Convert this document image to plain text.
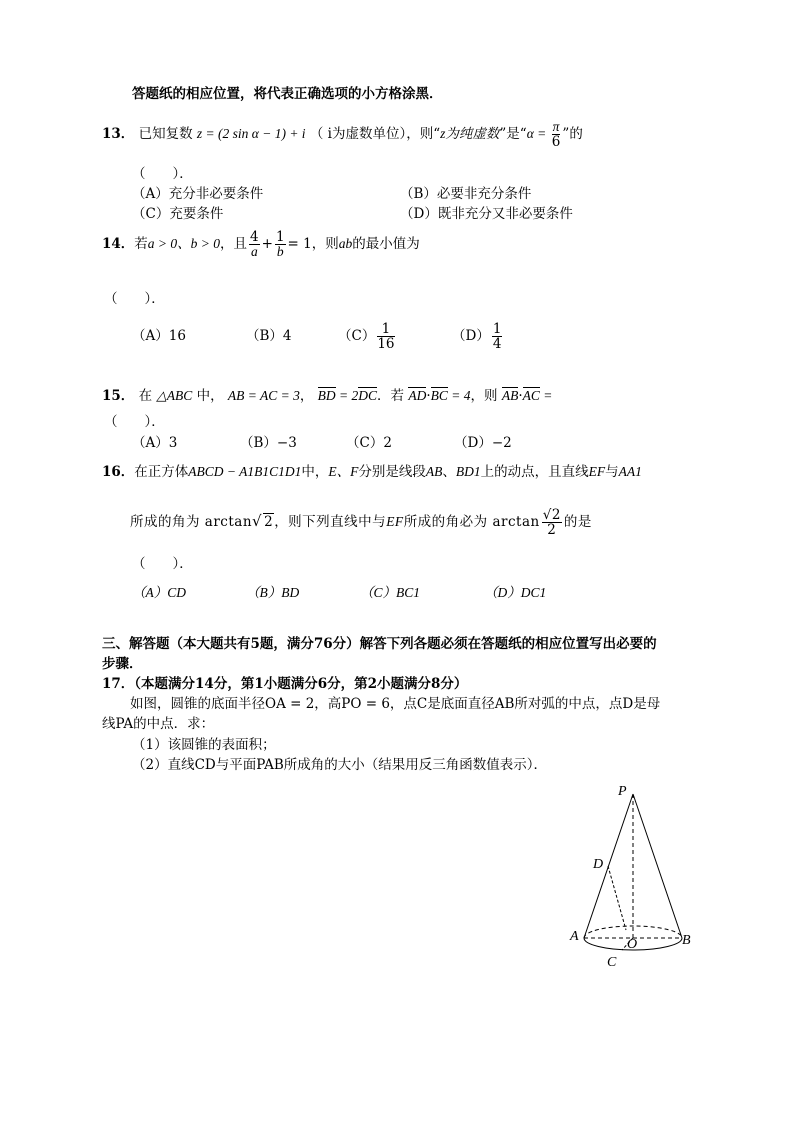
答题纸的相应位置，将代表正确选项的小方格涂黑．
13． 已知复数 z = (2 sin α − 1) + i （ i为虚数单位），则“z为纯虚数”是“$\alpha = \frac{\pi}{6}$ ”的
（　　）．
（A）充分非必要条件	（B）必要非充分条件
（C）充要条件	（D）既非充分又非必要条件
14．若a > 0、b > 0，且 $\frac{4}{a} + \frac{1}{b} = 1$，则ab的最小值为
（　　）．
（A）16	（B）4	$(C) \frac{1}{16}$	$(D) \frac{1}{4}$
15． 在 △ABC 中， AB = AC = 3， BD = 2DC．若 AD·BC = 4，则 AB·AC =
（　　）．
（A）3	（B）−3	（C）2	（D）−2
16．在正方体ABCD − A1B1C1D1中，E、F分别是线段AB、BD1上的动点，且直线EF与AA1
所成的角为 arctan√ 2，则下列直线中与EF所成的角必为 $\arctan \frac{√2}{2}$ 的是
（　　）．
（A）CD	（B）BD	（C）BC1	（D）DC1
三、解答题（本大题共有5题，满分76分）解答下列各题必须在答题纸的相应位置写出必要的
步骤．
17．（本题满分14分，第1小题满分6分，第2小题满分8分）
如图，圆锥的底面半径OA = 2，高PO = 6，点C是底面直径AB所对弧的中点，点D是母
线PA的中点．求：
（1）该圆锥的表面积；
（2）直线CD与平面PAB所成角的大小（结果用反三角函数值表示）．
P
D
A
O	B
C
